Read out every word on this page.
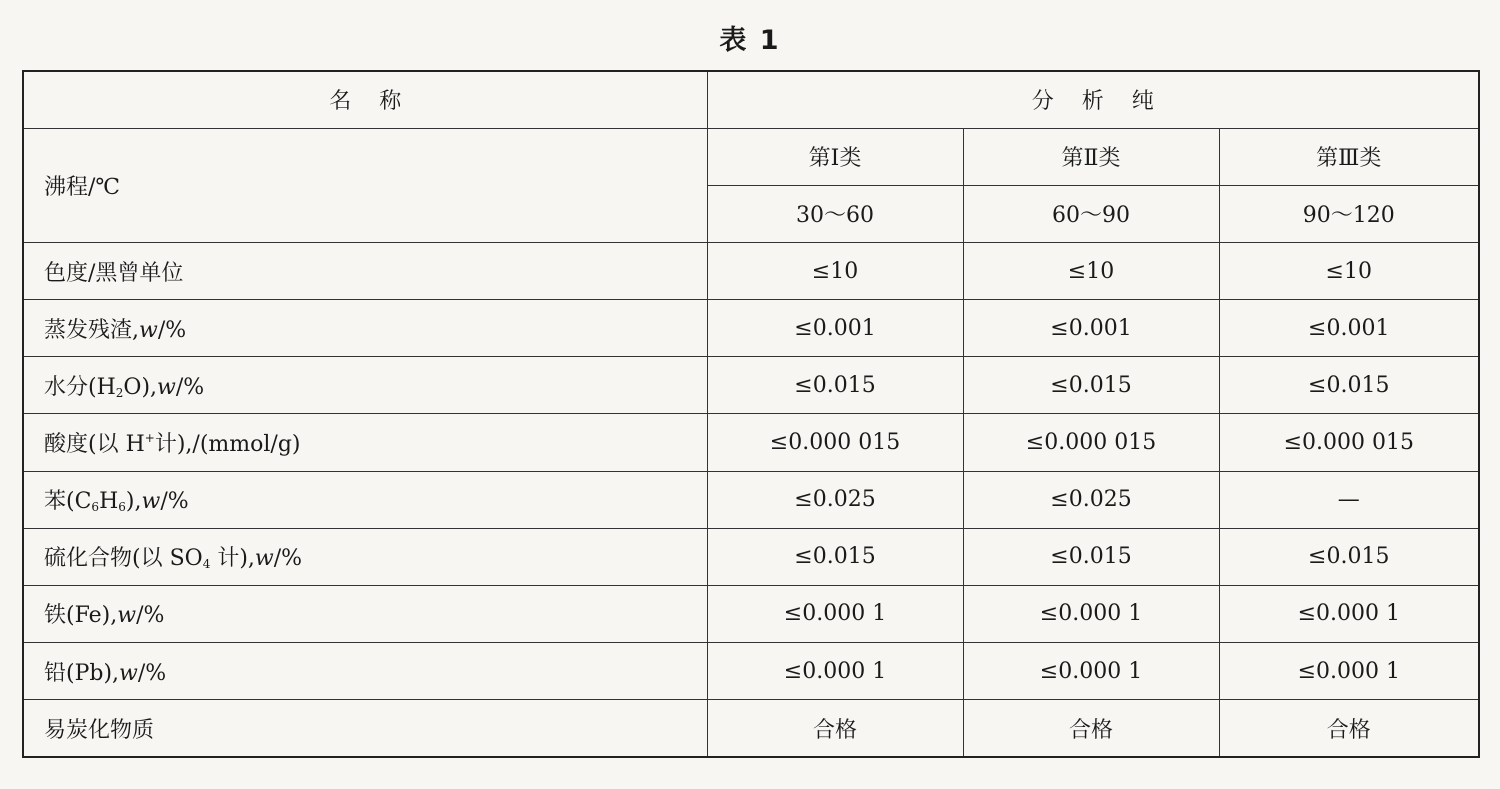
表 1
名称	分析纯		
沸程/℃	第Ⅰ类	第Ⅱ类	第Ⅲ类
	30～60	60～90	90～120
色度/黑曾单位	≤10	≤10	≤10
蒸发残渣,w/%	≤0.001	≤0.001	≤0.001
水分$(H_2O),w/\%$	≤0.015	≤0.015	≤0.015
酸度(以 H+计),/(mmol/g)	≤0.000 015	≤0.000 015	≤0.000 015
苯$(C_6H_6),w/\%$	≤0.025	≤0.025	—
硫化合物(以 $SO_4$ 计),w/%	≤0.015	≤0.015	≤0.015
铁(Fe),w/%	≤0.000 1	≤0.000 1	≤0.000 1
铅(Pb),w/%	≤0.000 1	≤0.000 1	≤0.000 1
易炭化物质	合格	合格	合格
